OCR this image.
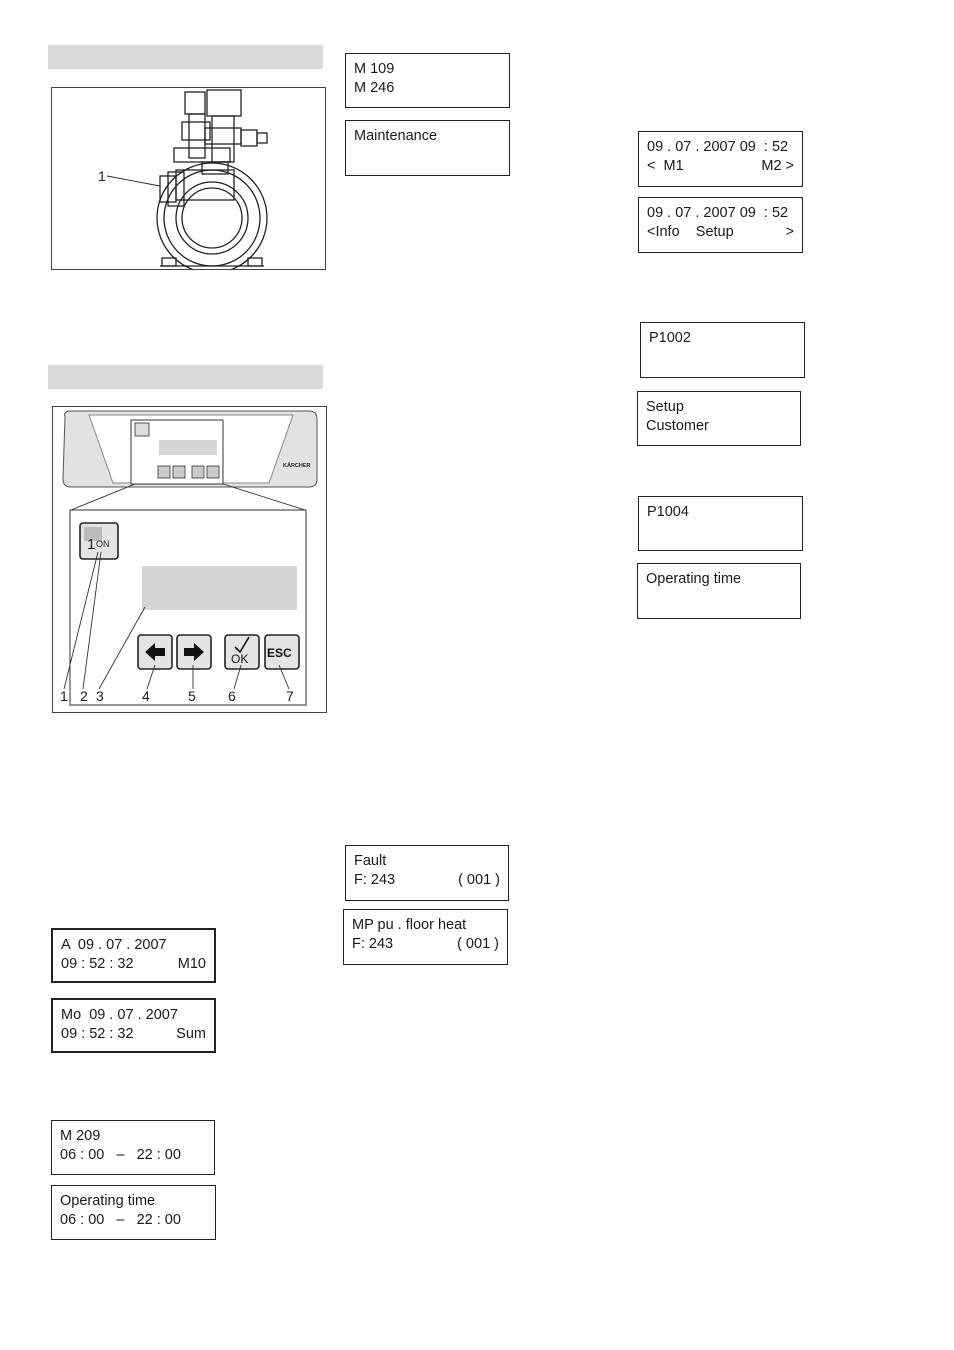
1
KÄRCHER
1 ON
OK ESC
1 2 3	4	5 6	7
A  09 . 07 . 2007
09 : 52 : 32	M10
Mo  09 . 07 . 2007
09 : 52 : 32	Sum
M 209
06 : 00   –   22 : 00
Operating time
06 : 00   –   22 : 00
M 109
M 246
Maintenance
Fault
F: 243	( 001 )
MP pu . floor heat
F: 243	( 001 )
09 . 07 . 2007 09  : 52
<  M1	M2 >
09 . 07 . 2007 09  : 52
<Info    Setup	>
P1002
Setup
Customer
P1004
Operating time
